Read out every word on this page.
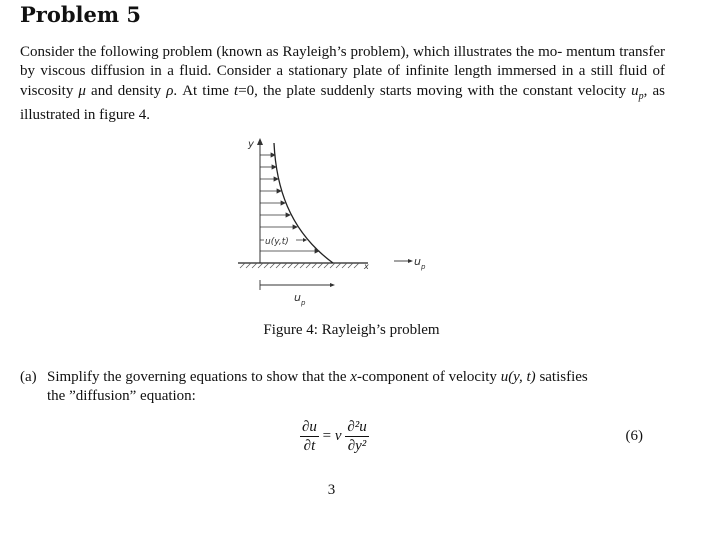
Problem 5
Consider the following problem (known as Rayleigh’s problem), which illustrates the mo- mentum transfer by viscous diffusion in a fluid. Consider a stationary plate of infinite length immersed in a still fluid of viscosity μ and density ρ. At time t=0, the plate suddenly starts moving with the constant velocity $u_p$, as illustrated in figure 4.
y
u(y,t)
x	u p
u p
Figure 4: Rayleigh’s problem
(a) Simplify the governing equations to show that the x-component of velocity u(y, t) satisfies
the ”diffusion” equation:
$\frac{\partial u}{\partial t} = \nu \frac{\text{∂²u}}{\text{∂y²}}$	(6)
3
